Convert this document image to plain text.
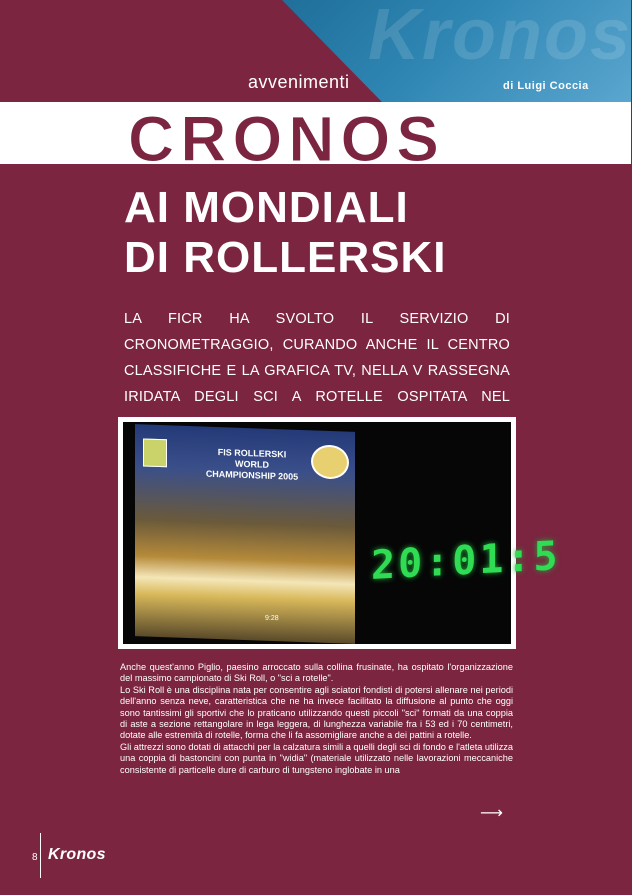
Kronos
avvenimenti	di Luigi Coccia
CRONOS
AI MONDIALI
DI ROLLERSKI
LA FICR HA SVOLTO IL SERVIZIO DI CRONOMETRAGGIO, CURANDO ANCHE IL CENTRO CLASSIFICHE E LA GRAFICA TV, NELLA V RASSEGNA IRIDATA DEGLI SCI A ROTELLE OSPITATA NEL
FIS ROLLERSKI
WORLD
CHAMPIONSHIP 2005
9:28
20:01:5

Anche quest'anno Piglio, paesino arroccato sulla collina frusinate, ha ospitato l'organizzazione del massimo campionato di Ski Roll, o "sci a rotelle".

Lo Ski Roll è una disciplina nata per consentire agli sciatori fondisti di potersi allenare nei periodi dell'anno senza neve, caratteristica che ne ha invece facilitato la diffusione al punto che oggi sono tantissimi gli sportivi che lo praticano utilizzando questi piccoli "sci" formati da una coppia di aste a sezione rettangolare in lega leggera, di lunghezza variabile fra i 53 ed i 70 centimetri, dotate alle estremità di rotelle, forma che li fa assomigliare anche a dei pattini a rotelle.

Gli attrezzi sono dotati di attacchi per la calzatura simili a quelli degli sci di fondo e l'atleta utilizza una coppia di bastoncini con punta in "widia" (materiale utilizzato nelle lavorazioni meccaniche consistente di particelle dure di carburo di tungsteno inglobate in una

⟶
8 Kronos
